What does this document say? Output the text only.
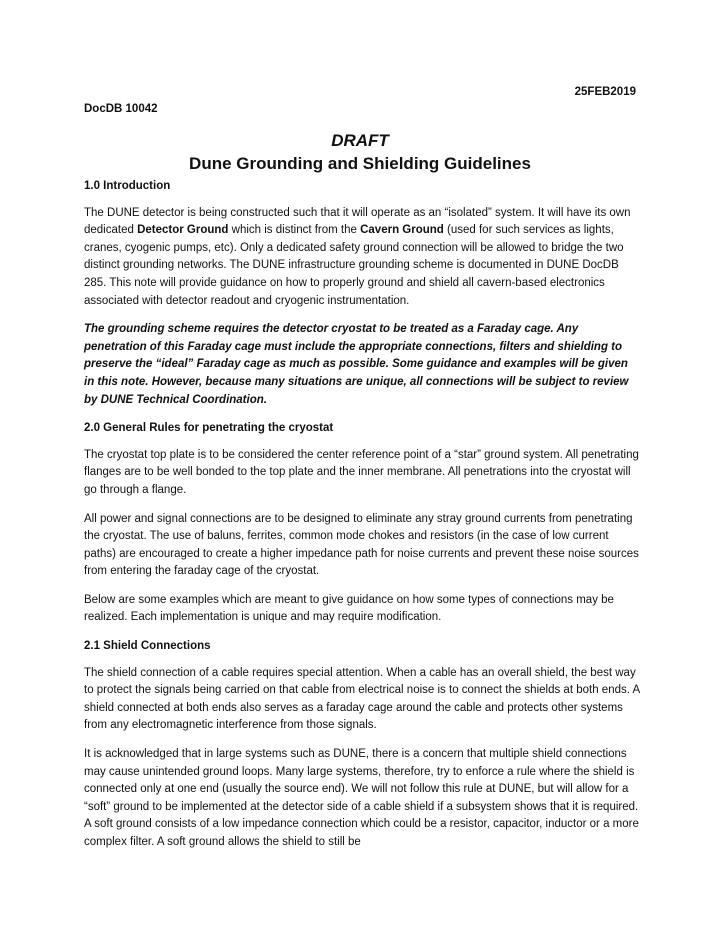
25FEB2019
DocDB 10042
DRAFT
Dune Grounding and Shielding Guidelines
1.0 Introduction

The DUNE detector is being constructed such that it will operate as an “isolated” system. It will have its own dedicated Detector Ground which is distinct from the Cavern Ground (used for such services as lights, cranes, cyogenic pumps, etc). Only a dedicated safety ground connection will be allowed to bridge the two distinct grounding networks. The DUNE infrastructure grounding scheme is documented in DUNE DocDB 285. This note will provide guidance on how to properly ground and shield all cavern-based electronics associated with detector readout and cryogenic instrumentation.

The grounding scheme requires the detector cryostat to be treated as a Faraday cage. Any penetration of this Faraday cage must include the appropriate connections, filters and shielding to preserve the “ideal” Faraday cage as much as possible. Some guidance and examples will be given in this note. However, because many situations are unique, all connections will be subject to review by DUNE Technical Coordination.

2.0 General Rules for penetrating the cryostat

The cryostat top plate is to be considered the center reference point of a “star” ground system. All penetrating flanges are to be well bonded to the top plate and the inner membrane. All penetrations into the cryostat will go through a flange.

All power and signal connections are to be designed to eliminate any stray ground currents from penetrating the cryostat. The use of baluns, ferrites, common mode chokes and resistors (in the case of low current paths) are encouraged to create a higher impedance path for noise currents and prevent these noise sources from entering the faraday cage of the cryostat.

Below are some examples which are meant to give guidance on how some types of connections may be realized. Each implementation is unique and may require modification.

2.1 Shield Connections

The shield connection of a cable requires special attention. When a cable has an overall shield, the best way to protect the signals being carried on that cable from electrical noise is to connect the shields at both ends. A shield connected at both ends also serves as a faraday cage around the cable and protects other systems from any electromagnetic interference from those signals.

It is acknowledged that in large systems such as DUNE, there is a concern that multiple shield connections may cause unintended ground loops. Many large systems, therefore, try to enforce a rule where the shield is connected only at one end (usually the source end). We will not follow this rule at DUNE, but will allow for a “soft” ground to be implemented at the detector side of a cable shield if a subsystem shows that it is required. A soft ground consists of a low impedance connection which could be a resistor, capacitor, inductor or a more complex filter. A soft ground allows the shield to still be
